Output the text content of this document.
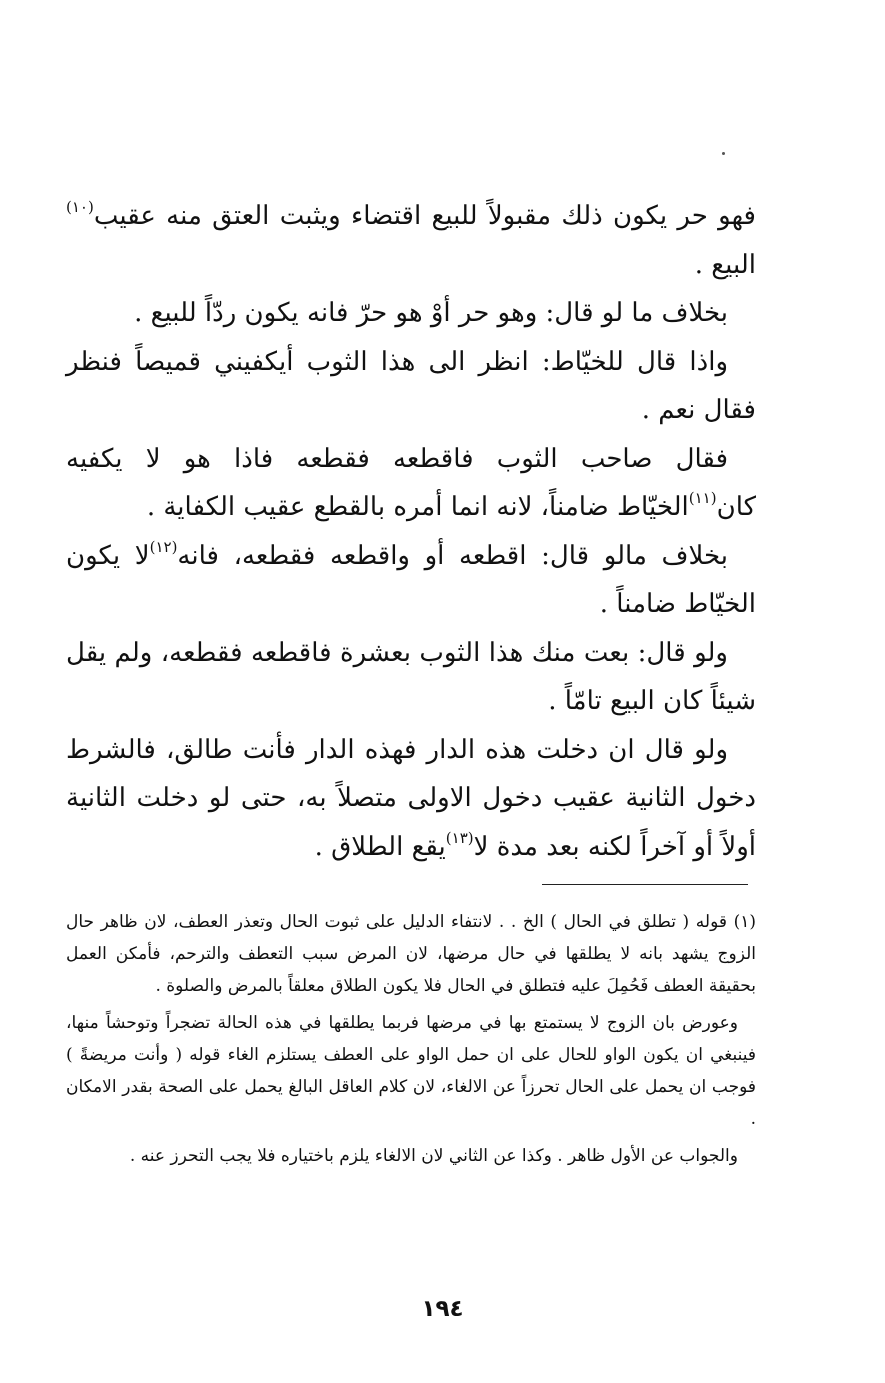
فهو حر يكون ذلك مقبولاً للبيع اقتضاء ويثبت العتق منه عقيب$^{(١٠)}$ البيع .

بخلاف ما لو قال: وهو حر أوْ هو حرّ فانه يكون ردّاً للبيع .

واذا قال للخيّاط: انظر الى هذا الثوب أيكفيني قميصاً فنظر فقال نعم .

فقال صاحب الثوب فاقطعه فقطعه فاذا هو لا يكفيه كان$^{(١١)}$الخيّاط ضامناً، لانه انما أمره بالقطع عقيب الكفاية .

بخلاف مالو قال: اقطعه أو واقطعه فقطعه، فانه$^{(١٢)}$لا يكون الخيّاط ضامناً .

ولو قال: بعت منك هذا الثوب بعشرة فاقطعه فقطعه، ولم يقل شيئاً كان البيع تامّاً .

ولو قال ان دخلت هذه الدار فهذه الدار فأنت طالق، فالشرط دخول الثانية عقيب دخول الاولى متصلاً به، حتى لو دخلت الثانية أولاً أو آخراً لكنه بعد مدة لا$^{(١٣)}$يقع الطلاق .

(١) قوله ( تطلق في الحال ) الخ . . لانتفاء الدليل على ثبوت الحال وتعذر العطف، لان ظاهر حال الزوج يشهد بانه لا يطلقها في حال مرضها، لان المرض سبب التعطف والترحم، فأمكن العمل بحقيقة العطف فَحُمِلَ عليه فتطلق في الحال فلا يكون الطلاق معلقاً بالمرض والصلوة .

وعورض بان الزوج لا يستمتع بها في مرضها فربما يطلقها في هذه الحالة تضجراً وتوحشاً منها، فينبغي ان يكون الواو للحال على ان حمل الواو على العطف يستلزم الغاء قوله ( وأنت مريضةً ) فوجب ان يحمل على الحال تحرزاً عن الالغاء، لان كلام العاقل البالغ يحمل على الصحة بقدر الامكان .

والجواب عن الأول ظاهر . وكذا عن الثاني لان الالغاء يلزم باختياره فلا يجب التحرز عنه .

١٩٤
